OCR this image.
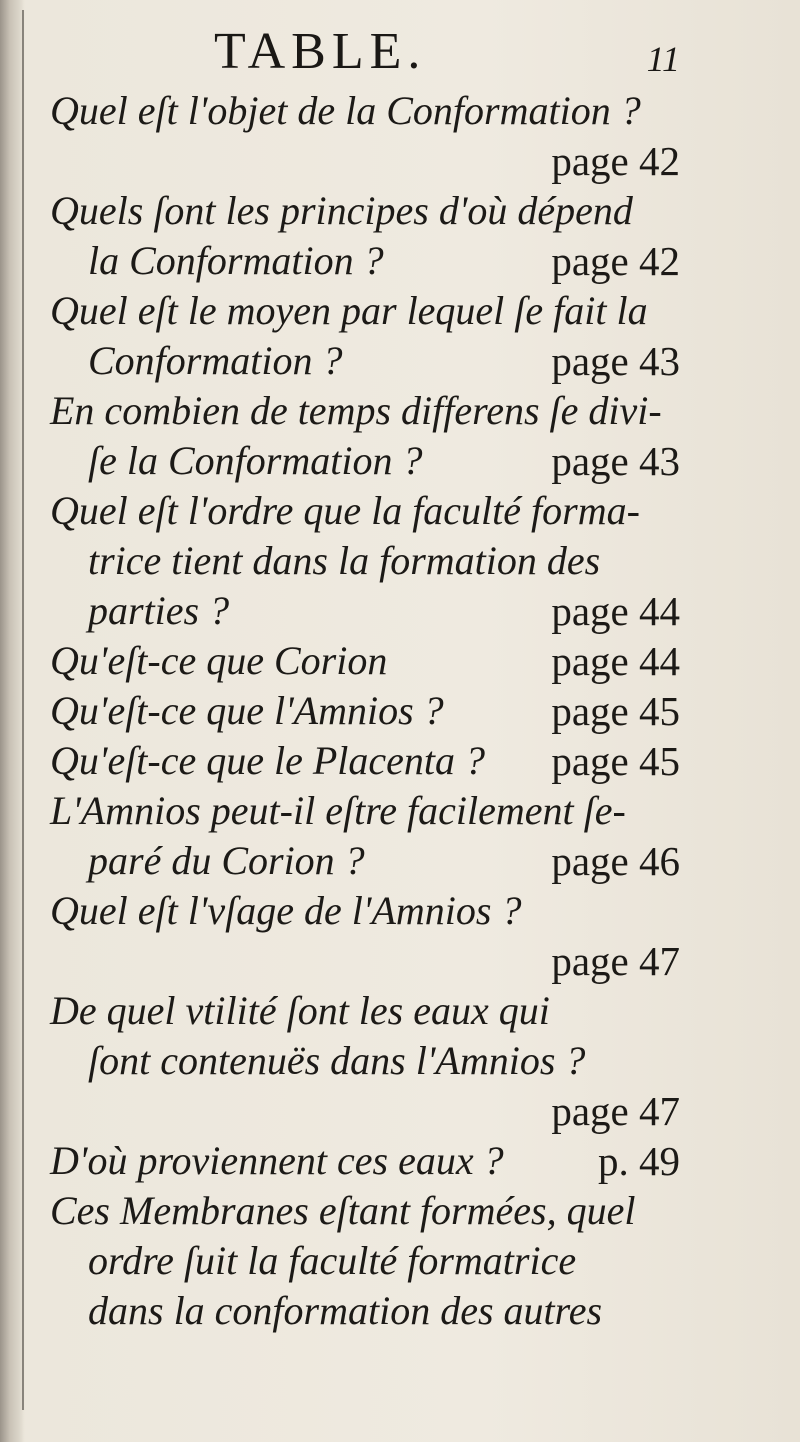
TABLE.	11
Quel eſt l'objet de la Conformation ?
page 42
Quels ſont les principes d'où dépend
la Conformation ?	page 42
Quel eſt le moyen par lequel ſe fait la
Conformation ?	page 43
En combien de temps differens ſe divi-
ſe la Conformation ?	page 43
Quel eſt l'ordre que la faculté forma-
trice tient dans la formation des
parties ?	page 44
Qu'eſt-ce que Corion	page 44
Qu'eſt-ce que l'Amnios ?	page 45
Qu'eſt-ce que le Placenta ? page 45
L'Amnios peut-il eſtre facilement ſe-
paré du Corion ?	page 46
Quel eſt l'vſage de l'Amnios ?
page 47
De quel vtilité ſont les eaux qui
ſont contenuës dans l'Amnios ?
page 47
D'où proviennent ces eaux ? p. 49
Ces Membranes eſtant formées, quel
ordre ſuit la faculté formatrice
dans la conformation des autres
